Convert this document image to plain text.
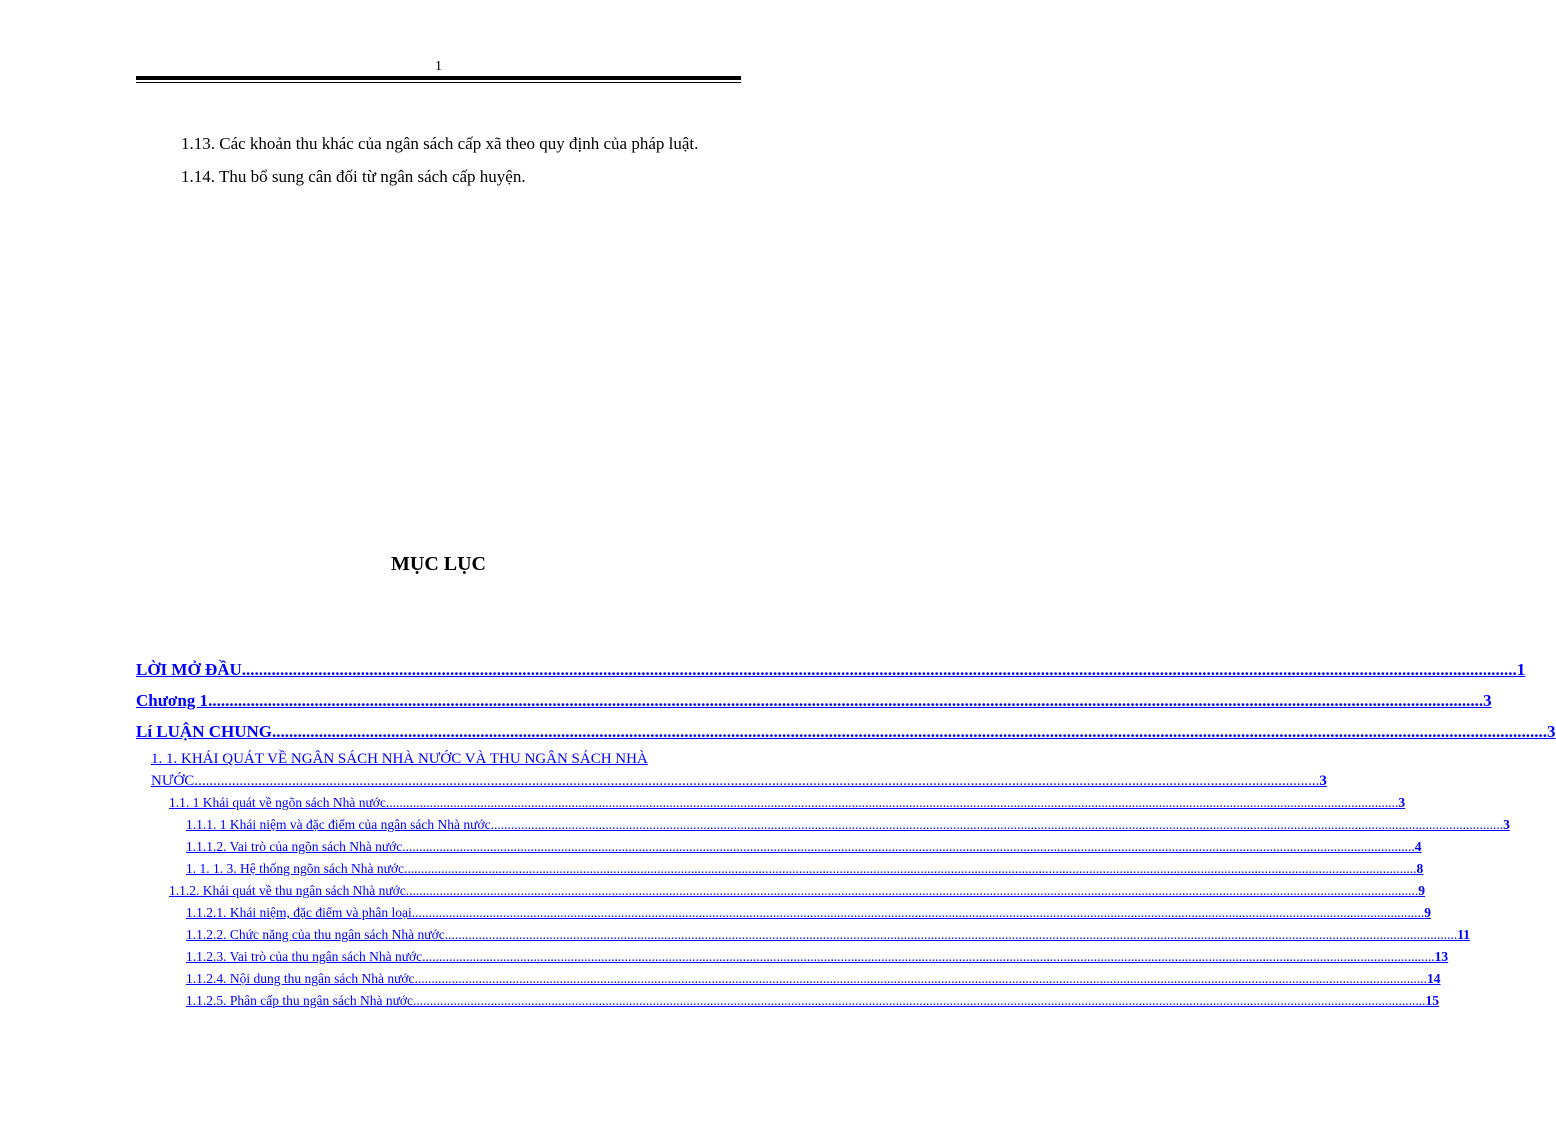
1

1.13. Các khoản thu khác của ngân sách cấp xã theo quy định của pháp luật.

1.14. Thu bổ sung cân đối từ ngân sách cấp huyện.

MỤC LỤC
LỜI MỞ ĐẦU ............................................................................................................................................................................................................................................................................................................ 1
Chương 1 ............................................................................................................................................................................................................................................................................................................ 3
Lí LUẬN CHUNG ............................................................................................................................................................................................................................................................................................................ 3
1. 1. KHÁI QUÁT VỀ NGÂN SÁCH NHÀ NƯỚC VÀ THU NGÂN SÁCH NHÀ
NƯỚC ............................................................................................................................................................................................................................................................................................................ 3
1.1. 1 Khái quát về ngõn sách Nhà nước ............................................................................................................................................................................................................................................................................................................ 3
1.1.1. 1 Khái niệm và đặc điểm của ngân sách Nhà nước ............................................................................................................................................................................................................................................................................................................ 3
1.1.1.2. Vai trò của ngõn sách Nhà nước ............................................................................................................................................................................................................................................................................................................ 4
1. 1. 1. 3. Hệ thống ngõn sách Nhà nước ............................................................................................................................................................................................................................................................................................................ 8
1.1.2. Khái quát về thu ngân sách Nhà nước ............................................................................................................................................................................................................................................................................................................ 9
1.1.2.1. Khái niệm, đặc điểm và phân loại ............................................................................................................................................................................................................................................................................................................ 9
1.1.2.2. Chức năng của thu ngân sách Nhà nước ............................................................................................................................................................................................................................................................................................................ 11
1.1.2.3. Vai trò của thu ngân sách Nhà nước ............................................................................................................................................................................................................................................................................................................ 13
1.1.2.4. Nội dung thu ngân sách Nhà nước ............................................................................................................................................................................................................................................................................................................ 14
1.1.2.5. Phân cấp thu ngân sách Nhà nước ............................................................................................................................................................................................................................................................................................................ 15
